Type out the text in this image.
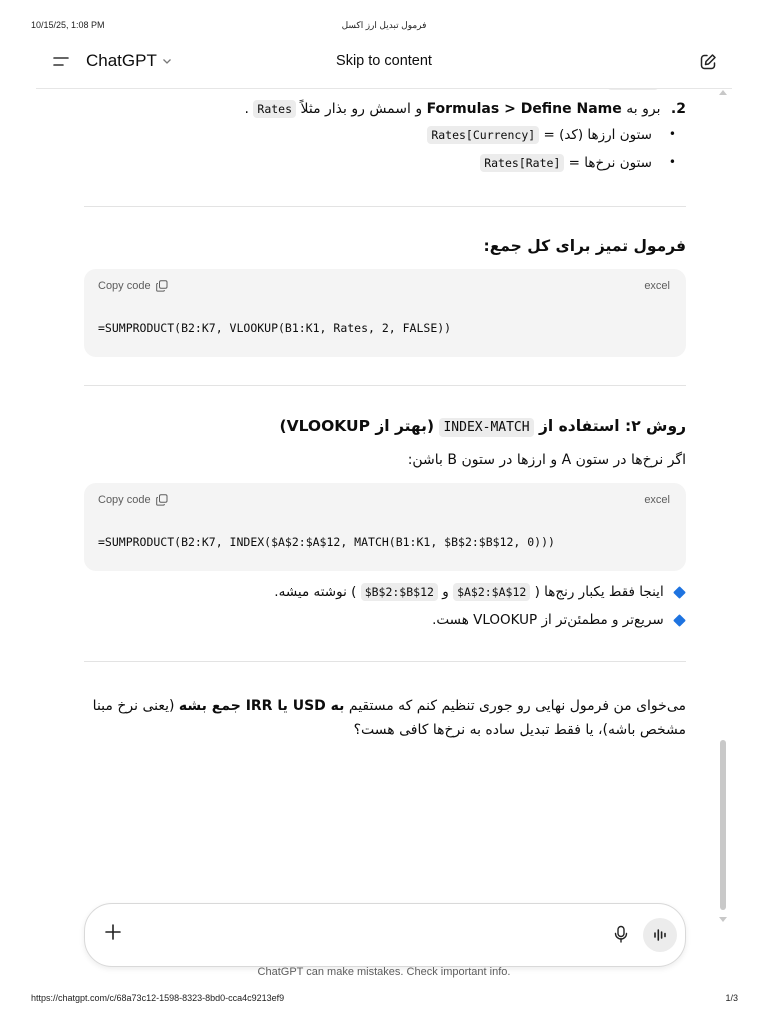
10/15/25, 1:08 PM	فرمول تبدیل ارز اکسل
ChatGPT	Skip to content
2. برو به Formulas > Define Name و اسمش رو بذار مثلاً Rates .
• ستون ارزها (کد) = Rates[Currency]
• ستون نرخ‌ها = Rates[Rate]
فرمول تمیز برای کل جمع:
Copy code	excel
=SUMPRODUCT(B2:K7, VLOOKUP(B1:K1, Rates, 2, FALSE))
روش ۲: استفاده از INDEX-MATCH (بهتر از VLOOKUP)
اگر نرخ‌ها در ستون A و ارزها در ستون B باشن:
Copy code	excel
=SUMPRODUCT(B2:K7, INDEX($A$2:$A$12, MATCH(B1:K1, $B$2:$B$12, 0)))
اینجا فقط یکبار رنج‌ها ( $A$2:$A$12 و $B$2:$B$12 ) نوشته میشه.
سریع‌تر و مطمئن‌تر از VLOOKUP هست.
می‌خوای من فرمول نهایی رو جوری تنظیم کنم که مستقیم به USD یا IRR جمع بشه (یعنی نرخ مبنا مشخص باشه)، یا فقط تبدیل ساده به نرخ‌ها کافی هست؟
ChatGPT can make mistakes. Check important info.
https://chatgpt.com/c/68a73c12-1598-8323-8bd0-cca4c9213ef9	1/3
